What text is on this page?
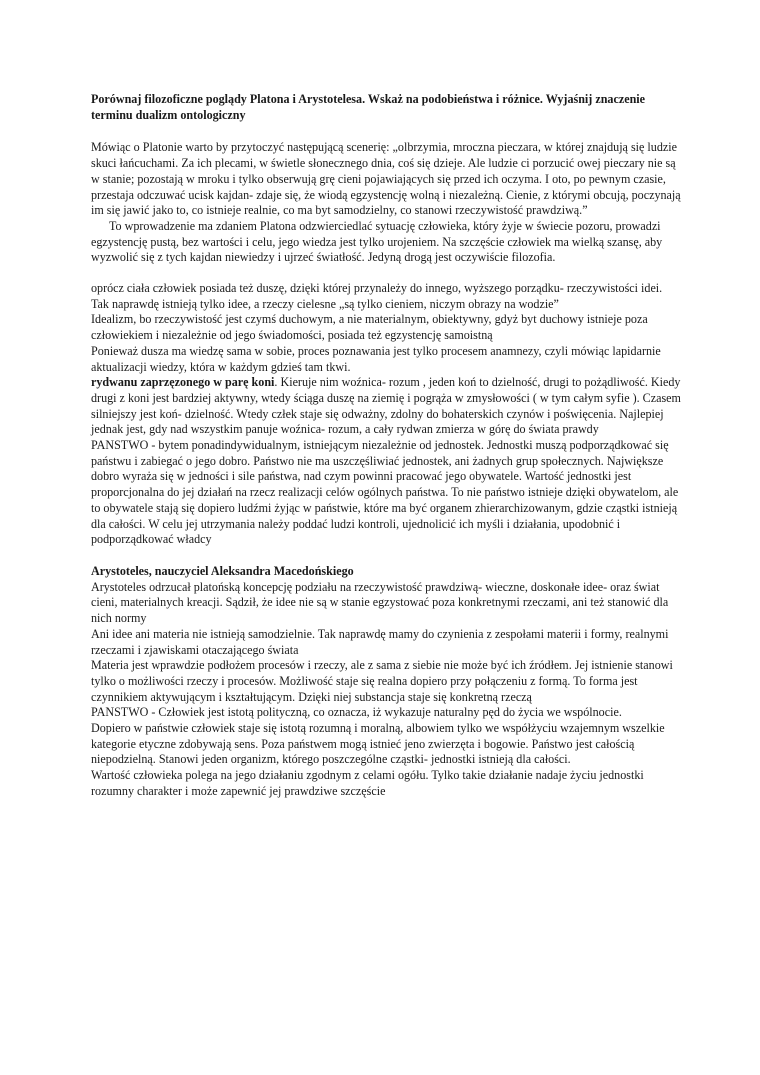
Porównaj filozoficzne poglądy Platona i Arystotelesa. Wskaż na podobieństwa i różnice. Wyjaśnij znaczenie terminu dualizm ontologiczny

Mówiąc o Platonie warto by przytoczyć następującą scenerię: „olbrzymia, mroczna pieczara, w której znajdują się ludzie skuci łańcuchami. Za ich plecami, w świetle słonecznego dnia, coś się dzieje. Ale ludzie ci porzucić owej pieczary nie są w stanie; pozostają w mroku i tylko obserwują grę cieni pojawiających się przed ich oczyma. I oto, po pewnym czasie, przestaja odczuwać ucisk kajdan- zdaje się, że wiodą egzystencję wolną i niezależną. Cienie, z którymi obcują, poczynają im się jawić jako to, co istnieje realnie, co ma byt samodzielny, co stanowi rzeczywistość prawdziwą.”

To wprowadzenie ma zdaniem Platona odzwierciedlać sytuację człowieka, który żyje w świecie pozoru, prowadzi egzystencję pustą, bez wartości i celu, jego wiedza jest tylko urojeniem. Na szczęście człowiek ma wielką szansę, aby wyzwolić się z tych kajdan niewiedzy i ujrzeć światłość. Jedyną drogą jest oczywiście filozofia.

oprócz ciała człowiek posiada też duszę, dzięki której przynależy do innego, wyższego porządku- rzeczywistości idei.

Tak naprawdę istnieją tylko idee, a rzeczy cielesne „są tylko cieniem, niczym obrazy na wodzie”

Idealizm, bo rzeczywistość jest czymś duchowym, a nie materialnym, obiektywny, gdyż byt duchowy istnieje poza człowiekiem i niezależnie od jego świadomości, posiada też egzystencję samoistną

Ponieważ dusza ma wiedzę sama w sobie, proces poznawania jest tylko procesem anamnezy, czyli mówiąc lapidarnie aktualizacji wiedzy, która w każdym gdzieś tam tkwi.

rydwanu zaprzęzonego w parę koni. Kieruje nim woźnica- rozum , jeden koń to dzielność, drugi to pożądliwość. Kiedy drugi z koni jest bardziej aktywny, wtedy ściąga duszę na ziemię i pogrąża w zmysłowości ( w tym całym syfie ). Czasem silniejszy jest koń- dzielność. Wtedy człek staje się odważny, zdolny do bohaterskich czynów i poświęcenia. Najlepiej jednak jest, gdy nad wszystkim panuje woźnica- rozum, a cały rydwan zmierza w górę do świata prawdy

PANSTWO - bytem ponadindywidualnym, istniejącym niezależnie od jednostek. Jednostki muszą podporządkować się państwu i zabiegać o jego dobro. Państwo nie ma uszczęśliwiać jednostek, ani żadnych grup społecznych. Największe dobro wyraża się w jedności i sile państwa, nad czym powinni pracować jego obywatele. Wartość jednostki jest proporcjonalna do jej działań na rzecz realizacji celów ogólnych państwa. To nie państwo istnieje dzięki obywatelom, ale to obywatele stają się dopiero ludźmi żyjąc w państwie, które ma być organem zhierarchizowanym, gdzie cząstki istnieją dla całości. W celu jej utrzymania należy poddać ludzi kontroli, ujednolicić ich myśli i działania, upodobnić i podporządkować władcy

Arystoteles, nauczyciel Aleksandra Macedońskiego

Arystoteles odrzucał platońską koncepcję podziału na rzeczywistość prawdziwą- wieczne, doskonałe idee- oraz świat cieni, materialnych kreacji. Sądził, że idee nie są w stanie egzystować poza konkretnymi rzeczami, ani też stanowić dla nich normy

Ani idee ani materia nie istnieją samodzielnie. Tak naprawdę mamy do czynienia z zespołami materii i formy, realnymi rzeczami i zjawiskami otaczającego świata

Materia jest wprawdzie podłożem procesów i rzeczy, ale z sama z siebie nie może być ich źródłem. Jej istnienie stanowi tylko o możliwości rzeczy i procesów. Możliwość staje się realna dopiero przy połączeniu z formą. To forma jest czynnikiem aktywującym i kształtującym. Dzięki niej substancja staje się konkretną rzeczą

PANSTWO - Człowiek jest istotą polityczną, co oznacza, iż wykazuje naturalny pęd do życia we wspólnocie.

Dopiero w państwie człowiek staje się istotą rozumną i moralną, albowiem tylko we współżyciu wzajemnym wszelkie kategorie etyczne zdobywają sens. Poza państwem mogą istnieć jeno zwierzęta i bogowie. Państwo jest całością niepodzielną. Stanowi jeden organizm, którego poszczególne cząstki- jednostki istnieją dla całości.

Wartość człowieka polega na jego działaniu zgodnym z celami ogółu. Tylko takie działanie nadaje życiu jednostki rozumny charakter i może zapewnić jej prawdziwe szczęście
